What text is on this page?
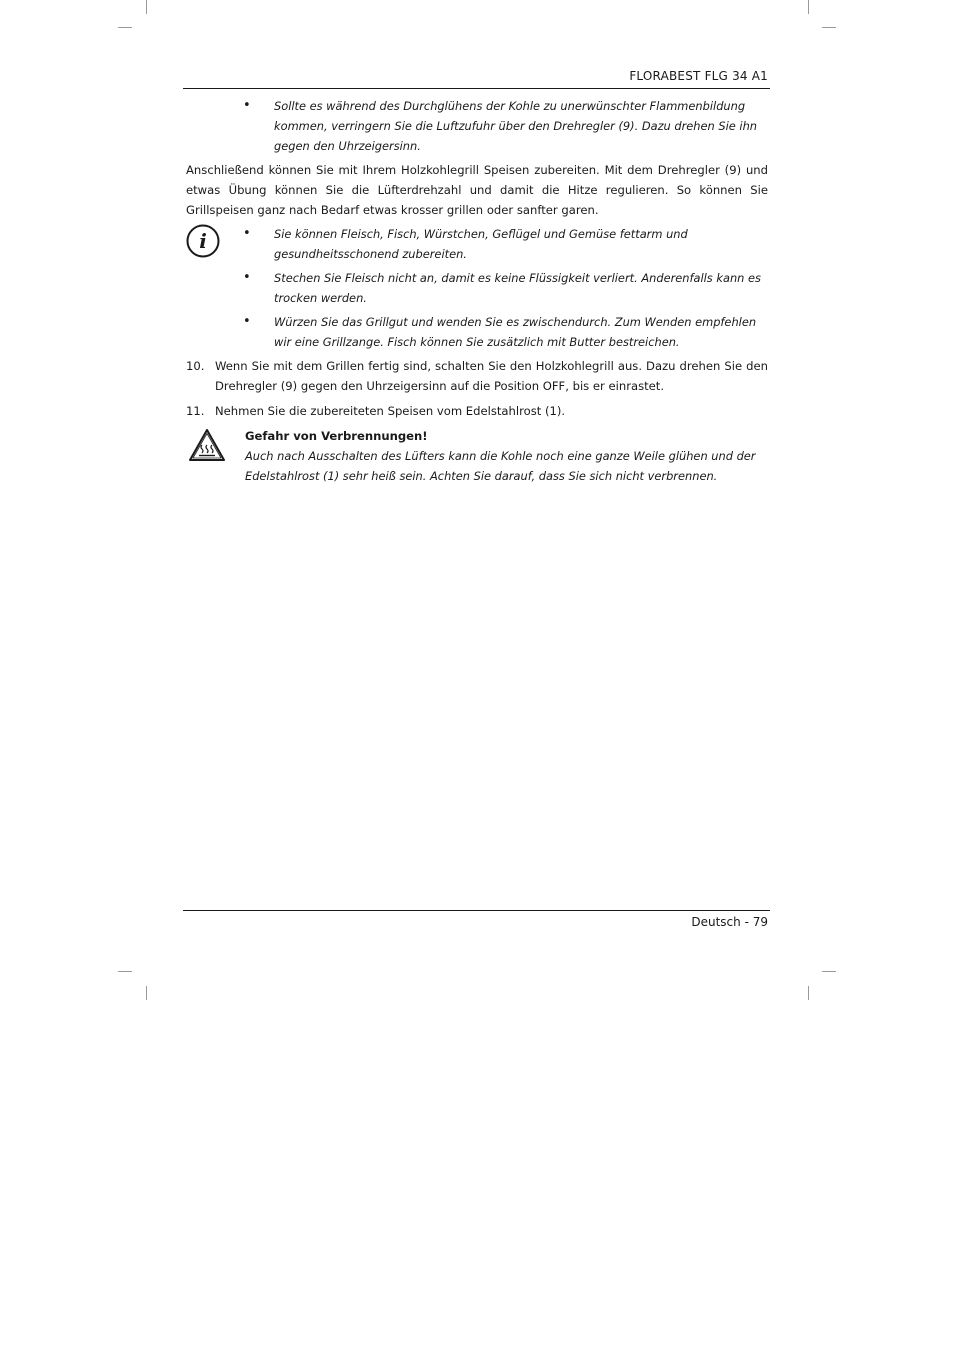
FLORABEST FLG 34 A1
• Sollte es während des Durchglühens der Kohle zu unerwünschter Flammenbildung kommen, verringern Sie die Luftzufuhr über den Drehregler (9). Dazu drehen Sie ihn gegen den Uhrzeigersinn.

Anschließend können Sie mit Ihrem Holzkohlegrill Speisen zubereiten. Mit dem Drehregler (9) und etwas Übung können Sie die Lüfterdrehzahl und damit die Hitze regulieren. So können Sie Grillspeisen ganz nach Bedarf etwas krosser grillen oder sanfter garen.

i	• Sie können Fleisch, Fisch, Würstchen, Geflügel und Gemüse fettarm und gesundheitsschonend zubereiten.
• Stechen Sie Fleisch nicht an, damit es keine Flüssigkeit verliert. Anderenfalls kann es trocken werden.
• Würzen Sie das Grillgut und wenden Sie es zwischendurch. Zum Wenden empfehlen wir eine Grillzange. Fisch können Sie zusätzlich mit Butter bestreichen.
10. Wenn Sie mit dem Grillen fertig sind, schalten Sie den Holzkohlegrill aus. Dazu drehen Sie den Drehregler (9) gegen den Uhrzeigersinn auf die Position OFF, bis er einrastet.
11. Nehmen Sie die zubereiteten Speisen vom Edelstahlrost (1).
Gefahr von Verbrennungen!
Auch nach Ausschalten des Lüfters kann die Kohle noch eine ganze Weile glühen und der Edelstahlrost (1) sehr heiß sein. Achten Sie darauf, dass Sie sich nicht verbrennen.
Deutsch - 79
